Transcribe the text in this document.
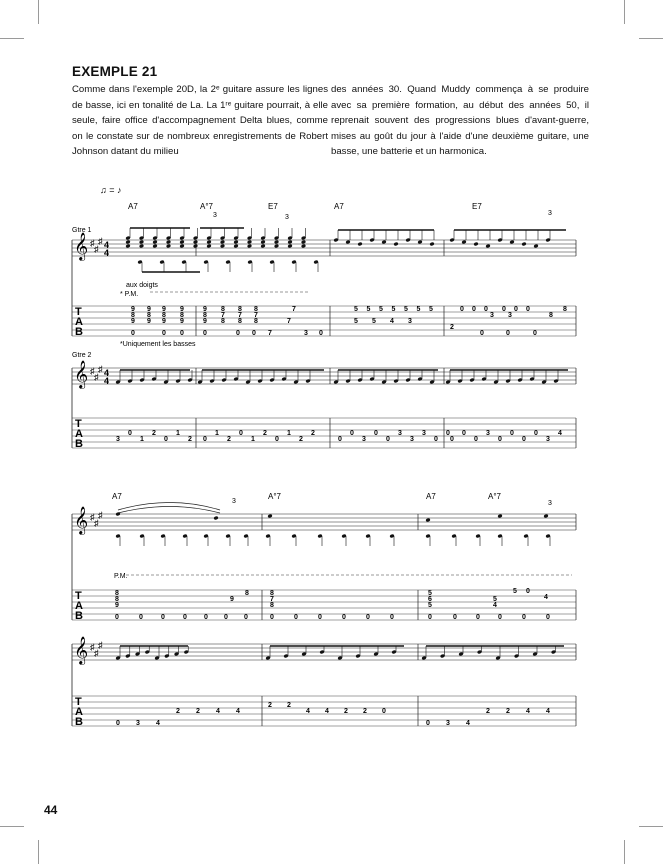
EXEMPLE 21

Comme dans l'exemple 20D, la 2ᵉ guitare assure les lignes de basse, ici en tonalité de La. La 1ʳᵉ guitare pourrait, à elle seule, faire office d'accompagnement Delta blues, comme on le constate sur de nombreux enregistrements de Robert Johnson datant du milieu

des années 30. Quand Muddy commença à se produire avec sa première formation, au début des années 50, il reprenait souvent des progressions blues d'avant-guerre, mises au goût du jour à l'aide d'une deuxième guitare, une basse, une batterie et un harmonica.

Gtre 1
Gtre 2
aux doigts
* P.M.
*Uniquement les basses
P.M.
T
A
B
T
A
B
𝄞 ♯
♯
♯ 4
4
𝄞 ♯
♯
♯ 4
4
A7	A°7	E7	A7	E7
♫ = ♪
3	3
3
9 9 9 9	9 8 8 8
8 8 8 8	8 7 7 7
9 9 9 9	9 8 8 8
0	0 0	0	0 0 7	3 0
7
7
5 5 5 5 5 5 5
5 5 4 3
2
0 0 0 0 0 0	8
3 3	8
0	0	0
3
0
1
2
0
1
2 0
1
2
0
1
2
0
1
2
2
0
0
3
0
0
3
3
3
0
0
0
0
0
3
0
0
0
0
3
4
T
A
B
T
A
B
𝄞 ♯
♯
♯
𝄞 ♯
♯
♯
A7	A°7	A7	A°7
3	3
8
8
9
9
8
0	0	0	0 0 0 0
8
7
8
0	0	0	0	0	0
5
6
5
5 0
4
5
4
0	0	0	0	0	0
0 3 4
2 2 4 4
2 2
4 4 2 2 0
0 3 4
2 2 4 4
44
